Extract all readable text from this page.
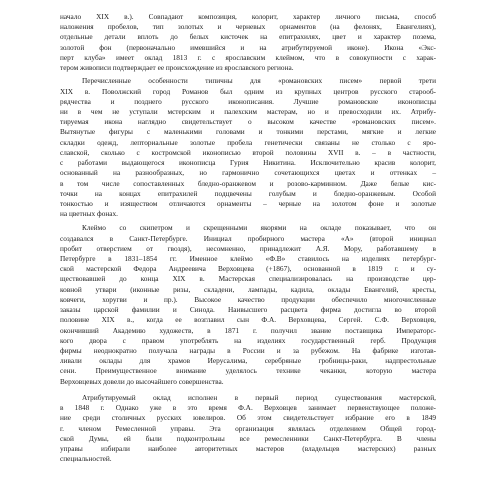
начало XIX в.). Совпадают композиция, колорит, характер личного письма, способ
наложения пробелов, тип золотых и черневых орнаментов (на фелонях, Евангелиях),
отдельные детали вплоть до белых кисточек на епитрахилях, цвет и характер позема,
золотой фон (первоначально имевшийся и на атрибутируемой иконе). Икона «Экс-
перт клуба» имеет оклад 1813 г. с ярославским клеймом, что в совокупности с харак-
тером живописи подтверждает ее происхождение из ярославского региона.

Перечисленные особенности типичны для «романовских писем» первой трети
XIX в. Поволжский город Романов был одним из крупных центров русского старооб-
рядчества и позднего русского иконописания. Лучшие романовские иконописцы
ни в чем не уступали мстерским и палехским мастерам, но и превосходили их. Атрибу-
тируемая икона наглядно свидетельствует о высоком качестве «романовских писем».
Вытянутые фигуры с маленькими головами и тонкими перстами, мягкие и легкие
складки одежд, лепториальные золотые пробела генетически связаны не столько с яро-
славской, сколько с костромской иконописью второй половины XVII в. – в частности,
с работами выдающегося иконописца Гурия Никитина. Исключительно красив колорит,
основанный на разнообразных, но гармонично сочетающихся цветах и оттенках –
в том числе сопоставленных бледно-оранжевом и розово-карминном. Даже белые кис-
точки на концах епитрахилей подцвечены голубым и бледно-оранжевым. Особой
тонкостью и изяществом отличаются орнаменты – черные на золотом фоне и золотые
на цветных фонах.

Клеймо со скипетром и скрещенными якорями на окладе показывает, что он
создавался в Санкт-Петербурге. Инициал пробирного мастера «А» (второй инициал
пробит отверстием от гвоздя), несомненно, принадлежит А.Я. Мору, работавшему в
Петербурге в 1831–1854 гг. Именное клеймо «Ф.В» ставилось на изделиях петербург-
ской мастерской Федора Андреевича Верховцева (+1867), основанной в 1819 г. и су-
ществовавшей до конца XIX в. Мастерская специализировалась на производстве цер-
ковной утвари (иконные ризы, складени, лампады, кадила, оклады Евангелий, кресты,
ковчеги, хоругви и пр.). Высокое качество продукции обеспечило многочисленные
заказы царской фамилии и Синода. Наивысшего расцвета фирма достигла во второй
половине XIX в., когда ее возглавил сын Ф.А. Верховцева, Сергей. С.Ф. Верховцев,
окончивший Академию художеств, в 1871 г. получил звание поставщика Императорс-
кого двора с правом употреблять на изделиях государственный герб. Продукция
фирмы неоднократно получала награды в России и за рубежом. На фабрике изготав-
ливали оклады для храмов Иерусалима, серебряные гробницы-раки, надпрестольные
сени. Преимущественное внимание уделялось технике чеканки, которую мастера
Верховцевых довели до высочайшего совершенства.

Атрибутируемый оклад исполнен в первый период существования мастерской,
в 1848 г. Однако уже в это время Ф.А. Верховцев занимает первенствующее положе-
ние среди столичных русских ювелиров. Об этом свидетельствует избрание его в 1849
г. членом Ремесленной управы. Эта организация являлась отделением Общей город-
ской Думы, ей были подконтрольны все ремесленники Санкт-Петербурга. В члены
управы избирали наиболее авторитетных мастеров (владельцев мастерских) разных
специальностей.
